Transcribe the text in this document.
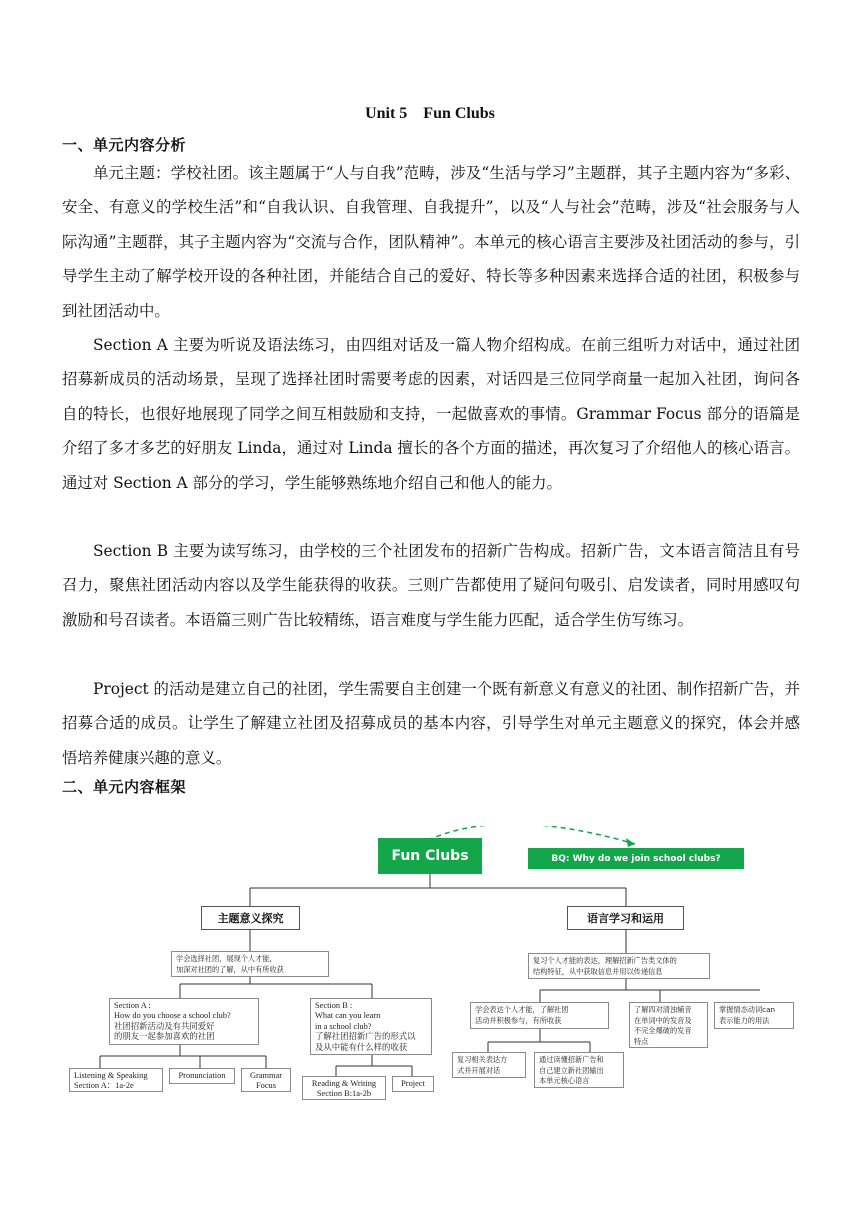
Unit 5　Fun Clubs
一、单元内容分析

单元主题：学校社团。该主题属于“人与自我”范畴，涉及“生活与学习”主题群，其子主题内容为“多彩、安全、有意义的学校生活”和“自我认识、自我管理、自我提升”，以及“人与社会”范畴，涉及“社会服务与人际沟通”主题群，其子主题内容为“交流与合作，团队精神”。本单元的核心语言主要涉及社团活动的参与，引导学生主动了解学校开设的各种社团，并能结合自己的爱好、特长等多种因素来选择合适的社团，积极参与到社团活动中。

Section A 主要为听说及语法练习，由四组对话及一篇人物介绍构成。在前三组听力对话中，通过社团招募新成员的活动场景，呈现了选择社团时需要考虑的因素，对话四是三位同学商量一起加入社团，询问各自的特长，也很好地展现了同学之间互相鼓励和支持，一起做喜欢的事情。Grammar Focus 部分的语篇是介绍了多才多艺的好朋友 Linda，通过对 Linda 擅长的各个方面的描述，再次复习了介绍他人的核心语言。通过对 Section A 部分的学习，学生能够熟练地介绍自己和他人的能力。

Section B 主要为读写练习，由学校的三个社团发布的招新广告构成。招新广告，文本语言简洁且有号召力，聚焦社团活动内容以及学生能获得的收获。三则广告都使用了疑问句吸引、启发读者，同时用感叹句激励和号召读者。本语篇三则广告比较精练，语言难度与学生能力匹配，适合学生仿写练习。

Project 的活动是建立自己的社团，学生需要自主创建一个既有新意义有意义的社团、制作招新广告，并招募合适的成员。让学生了解建立社团及招募成员的基本内容，引导学生对单元主题意义的探究，体会并感悟培养健康兴趣的意义。

二、单元内容框架
Fun Clubs	BQ: Why do we join school clubs?
主题意义探究	语言学习和运用
学会选择社团，展现个人才能，
加深对社团的了解，从中有所收获
Section A :
How do you choose a school club?
社团招新活动及有共同爱好
的朋友一起参加喜欢的社团
Section B :
What can you learn
in a school club?
了解社团招新广告的形式以
及从中能有什么样的收获
Listening & Speaking
Section A：1a-2e
Pronunciation	Grammar
Focus	Reading & Writing
Section B:1a-2b
Project
复习个人才能的表达，理解招新广告类文体的
结构特征，从中获取信息并用以传递信息
学会表达个人才能，了解社团
活动并积极参与，有所收获
了解四对清浊辅音
在单词中的发音及
不完全爆破的发音
特点
掌握情态动词can
表示能力的用法
复习相关表达方
式并开展对话
通过读懂招新广告和
自己建立新社团输出
本单元核心语言
